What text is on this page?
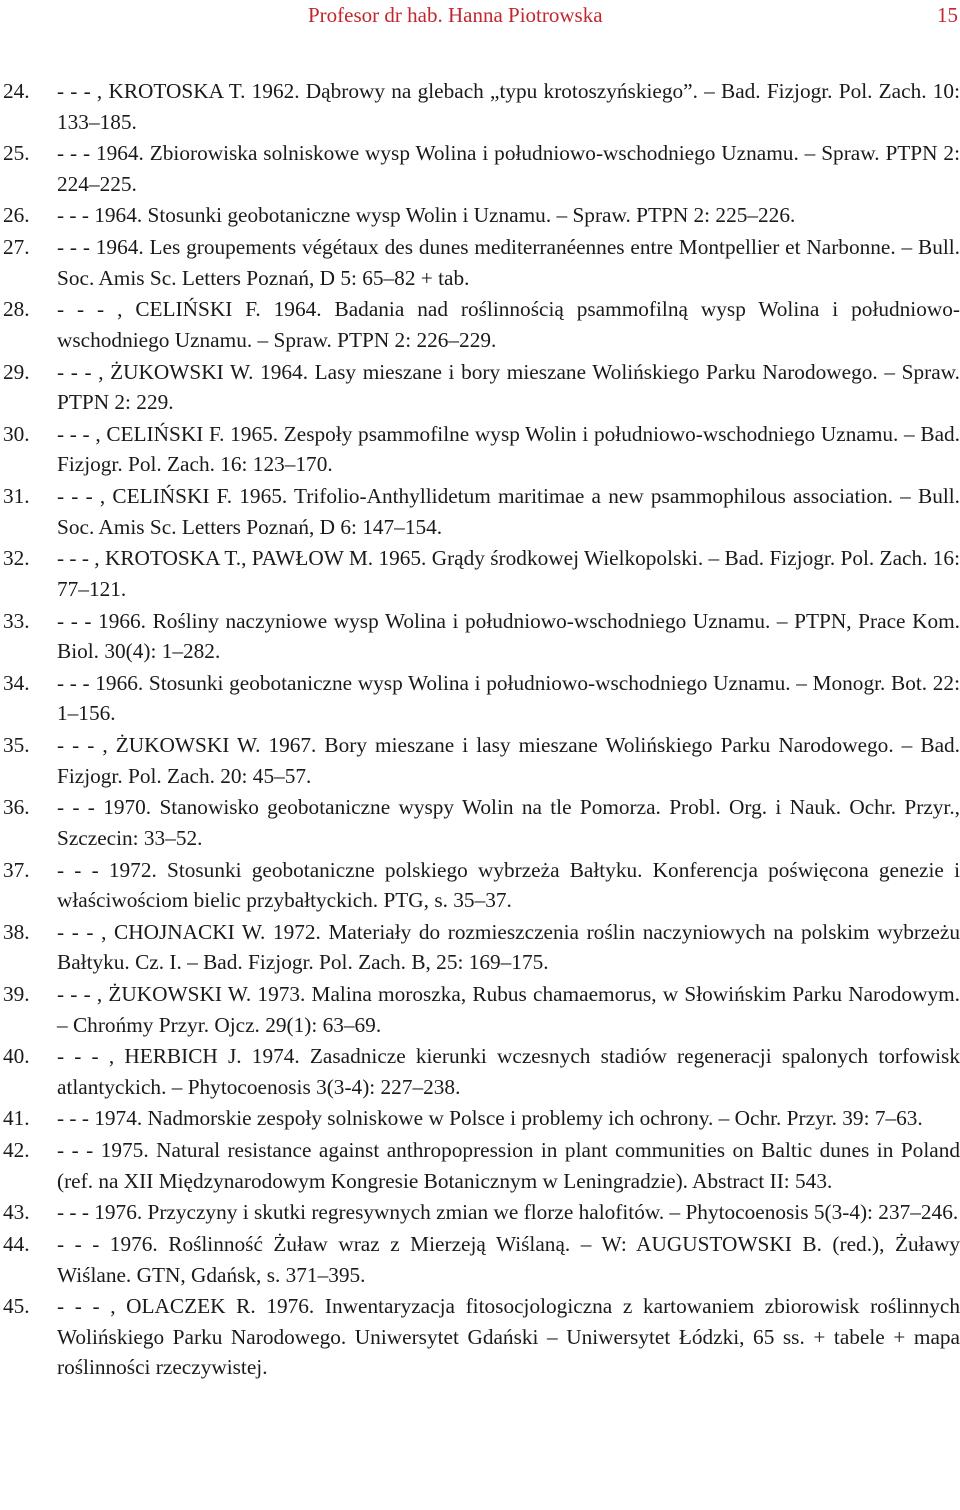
Profesor dr hab. Hanna Piotrowska	15
24. - - - , KROTOSKA T. 1962. Dąbrowy na glebach „typu krotoszyńskiego”. – Bad. Fizjogr. Pol. Zach. 10: 133–185.
25. - - - 1964. Zbiorowiska solniskowe wysp Wolina i południowo-wschodniego Uznamu. – Spraw. PTPN 2: 224–225.
26. - - - 1964. Stosunki geobotaniczne wysp Wolin i Uznamu. – Spraw. PTPN 2: 225–226.
27. - - - 1964. Les groupements végétaux des dunes mediterranéennes entre Montpellier et Narbonne. – Bull. Soc. Amis Sc. Letters Poznań, D 5: 65–82 + tab.
28. - - - , CELIŃSKI F. 1964. Badania nad roślinnością psammofilną wysp Wolina i południowo-wschodniego Uznamu. – Spraw. PTPN 2: 226–229.
29. - - - , ŻUKOWSKI W. 1964. Lasy mieszane i bory mieszane Wolińskiego Parku Narodowego. – Spraw. PTPN 2: 229.
30. - - - , CELIŃSKI F. 1965. Zespoły psammofilne wysp Wolin i południowo-wschodniego Uznamu. – Bad. Fizjogr. Pol. Zach. 16: 123–170.
31. - - - , CELIŃSKI F. 1965. Trifolio-Anthyllidetum maritimae a new psammophilous association. – Bull. Soc. Amis Sc. Letters Poznań, D 6: 147–154.
32. - - - , KROTOSKA T., PAWŁOW M. 1965. Grądy środkowej Wielkopolski. – Bad. Fizjogr. Pol. Zach. 16: 77–121.
33. - - - 1966. Rośliny naczyniowe wysp Wolina i południowo-wschodniego Uznamu. – PTPN, Prace Kom. Biol. 30(4): 1–282.
34. - - - 1966. Stosunki geobotaniczne wysp Wolina i południowo-wschodniego Uznamu. – Monogr. Bot. 22: 1–156.
35. - - - , ŻUKOWSKI W. 1967. Bory mieszane i lasy mieszane Wolińskiego Parku Narodowego. – Bad. Fizjogr. Pol. Zach. 20: 45–57.
36. - - - 1970. Stanowisko geobotaniczne wyspy Wolin na tle Pomorza. Probl. Org. i Nauk. Ochr. Przyr., Szczecin: 33–52.
37. - - - 1972. Stosunki geobotaniczne polskiego wybrzeża Bałtyku. Konferencja poświęcona genezie i właściwościom bielic przybałtyckich. PTG, s. 35–37.
38. - - - , CHOJNACKI W. 1972. Materiały do rozmieszczenia roślin naczyniowych na polskim wybrzeżu Bałtyku. Cz. I. – Bad. Fizjogr. Pol. Zach. B, 25: 169–175.
39. - - - , ŻUKOWSKI W. 1973. Malina moroszka, Rubus chamaemorus, w Słowińskim Parku Narodowym. – Chrońmy Przyr. Ojcz. 29(1): 63–69.
40. - - - , HERBICH J. 1974. Zasadnicze kierunki wczesnych stadiów regeneracji spalonych torfowisk atlantyckich. – Phytocoenosis 3(3-4): 227–238.
41. - - - 1974. Nadmorskie zespoły solniskowe w Polsce i problemy ich ochrony. – Ochr. Przyr. 39: 7–63.
42. - - - 1975. Natural resistance against anthropopression in plant communities on Baltic dunes in Poland (ref. na XII Międzynarodowym Kongresie Botanicznym w Leningradzie). Abstract II: 543.
43. - - - 1976. Przyczyny i skutki regresywnych zmian we florze halofitów. – Phytocoenosis 5(3-4): 237–246.
44. - - - 1976. Roślinność Żuław wraz z Mierzeją Wiślaną. – W: AUGUSTOWSKI B. (red.), Żuławy Wiślane. GTN, Gdańsk, s. 371–395.
45. - - - , OLACZEK R. 1976. Inwentaryzacja fitosocjologiczna z kartowaniem zbiorowisk roślinnych Wolińskiego Parku Narodowego. Uniwersytet Gdański – Uniwersytet Łódzki, 65 ss. + tabele + mapa roślinności rzeczywistej.
